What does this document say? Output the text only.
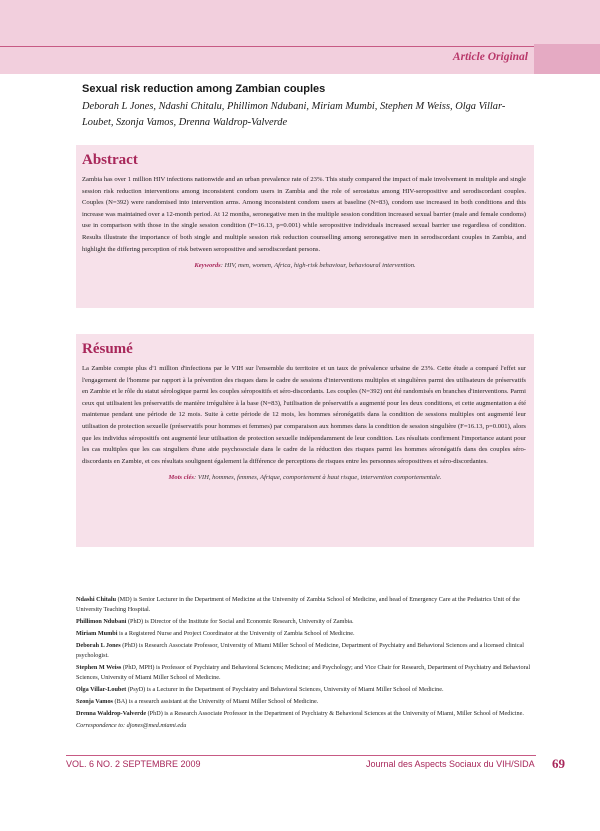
Article Original
Sexual risk reduction among Zambian couples
Deborah L Jones, Ndashi Chitalu, Phillimon Ndubani, Miriam Mumbi, Stephen M Weiss, Olga Villar-Loubet, Szonja Vamos, Drenna Waldrop-Valverde
Abstract
Zambia has over 1 million HIV infections nationwide and an urban prevalence rate of 23%. This study compared the impact of male involvement in multiple and single session risk reduction interventions among inconsistent condom users in Zambia and the role of serostatus among HIV-seropositive and serodiscordant couples. Couples (N=392) were randomised into intervention arms. Among inconsistent condom users at baseline (N=83), condom use increased in both conditions and this increase was maintained over a 12-month period. At 12 months, seronegative men in the multiple session condition increased sexual barrier (male and female condoms) use in comparison with those in the single session condition (F=16.13, p=0.001) while seropositive individuals increased sexual barrier use regardless of condition. Results illustrate the importance of both single and multiple session risk reduction counselling among seronegative men in serodiscordant couples in Zambia, and highlight the differing perception of risk between seropositive and serodiscordant persons.
Keywords: HIV, men, women, Africa, high-risk behaviour, behavioural intervention.
Résumé
La Zambie compte plus d'1 million d'infections par le VIH sur l'ensemble du territoire et un taux de prévalence urbaine de 23%. Cette étude a comparé l'effet sur l'engagement de l'homme par rapport à la prévention des risques dans le cadre de sessions d'interventions multiples et singulières parmi des utilisateurs de préservatifs en Zambie et le rôle du statut sérologique parmi les couples séropositifs et séro-discordants. Les couples (N=392) ont été randomisés en branches d'interventions. Parmi ceux qui utilisaient les préservatifs de manière irrégulière à la base (N=83), l'utilisation de préservatifs a augmenté pour les deux conditions, et cette augmentation a été maintenue pendant une période de 12 mois. Suite à cette période de 12 mois, les hommes séronégatifs dans la condition de sessions multiples ont augmenté leur utilisation de protection sexuelle (préservatifs pour hommes et femmes) par comparaison aux hommes dans la condition de session singulière (F=16.13, p=0.001), alors que les individus séropositifs ont augmenté leur utilisation de protection sexuelle indépendamment de leur condition. Les résultats confirment l'importance autant pour les cas multiples que les cas singuliers d'une aide psychosociale dans le cadre de la réduction des risques parmi les hommes séronégatifs dans des couples séro-discordants en Zambie, et ces résultats soulignent également la différence de perceptions de risques entre les personnes séropositives et séro-discordantes.
Mots clés: VIH, hommes, femmes, Afrique, comportement à haut risque, intervention comportementale.
Ndashi Chitalu (MD) is Senior Lecturer in the Department of Medicine at the University of Zambia School of Medicine, and head of Emergency Care at the Pediatrics Unit of the University Teaching Hospital.
Phillimon Ndubani (PhD) is Director of the Institute for Social and Economic Research, University of Zambia.
Miriam Mumbi is a Registered Nurse and Project Coordinator at the University of Zambia School of Medicine.
Deborah L Jones (PhD) is Research Associate Professor, University of Miami Miller School of Medicine, Department of Psychiatry and Behavioral Sciences and a licensed clinical psychologist.
Stephen M Weiss (PhD, MPH) is Professor of Psychiatry and Behavioral Sciences; Medicine; and Psychology; and Vice Chair for Research, Department of Psychiatry and Behavioral Sciences, University of Miami Miller School of Medicine.
Olga Villar-Loubet (PsyD) is a Lecturer in the Department of Psychiatry and Behavioral Sciences, University of Miami Miller School of Medicine.
Szonja Vamos (BA) is a research assistant at the University of Miami Miller School of Medicine.
Drenna Waldrop-Valverde (PhD) is a Research Associate Professor in the Department of Psychiatry & Behavioral Sciences at the University of Miami, Miller School of Medicine.
Correspondence to: djones@med.miami.edu
VOL. 6 NO. 2 SEPTEMBRE 2009	Journal des Aspects Sociaux du VIH/SIDA 69
